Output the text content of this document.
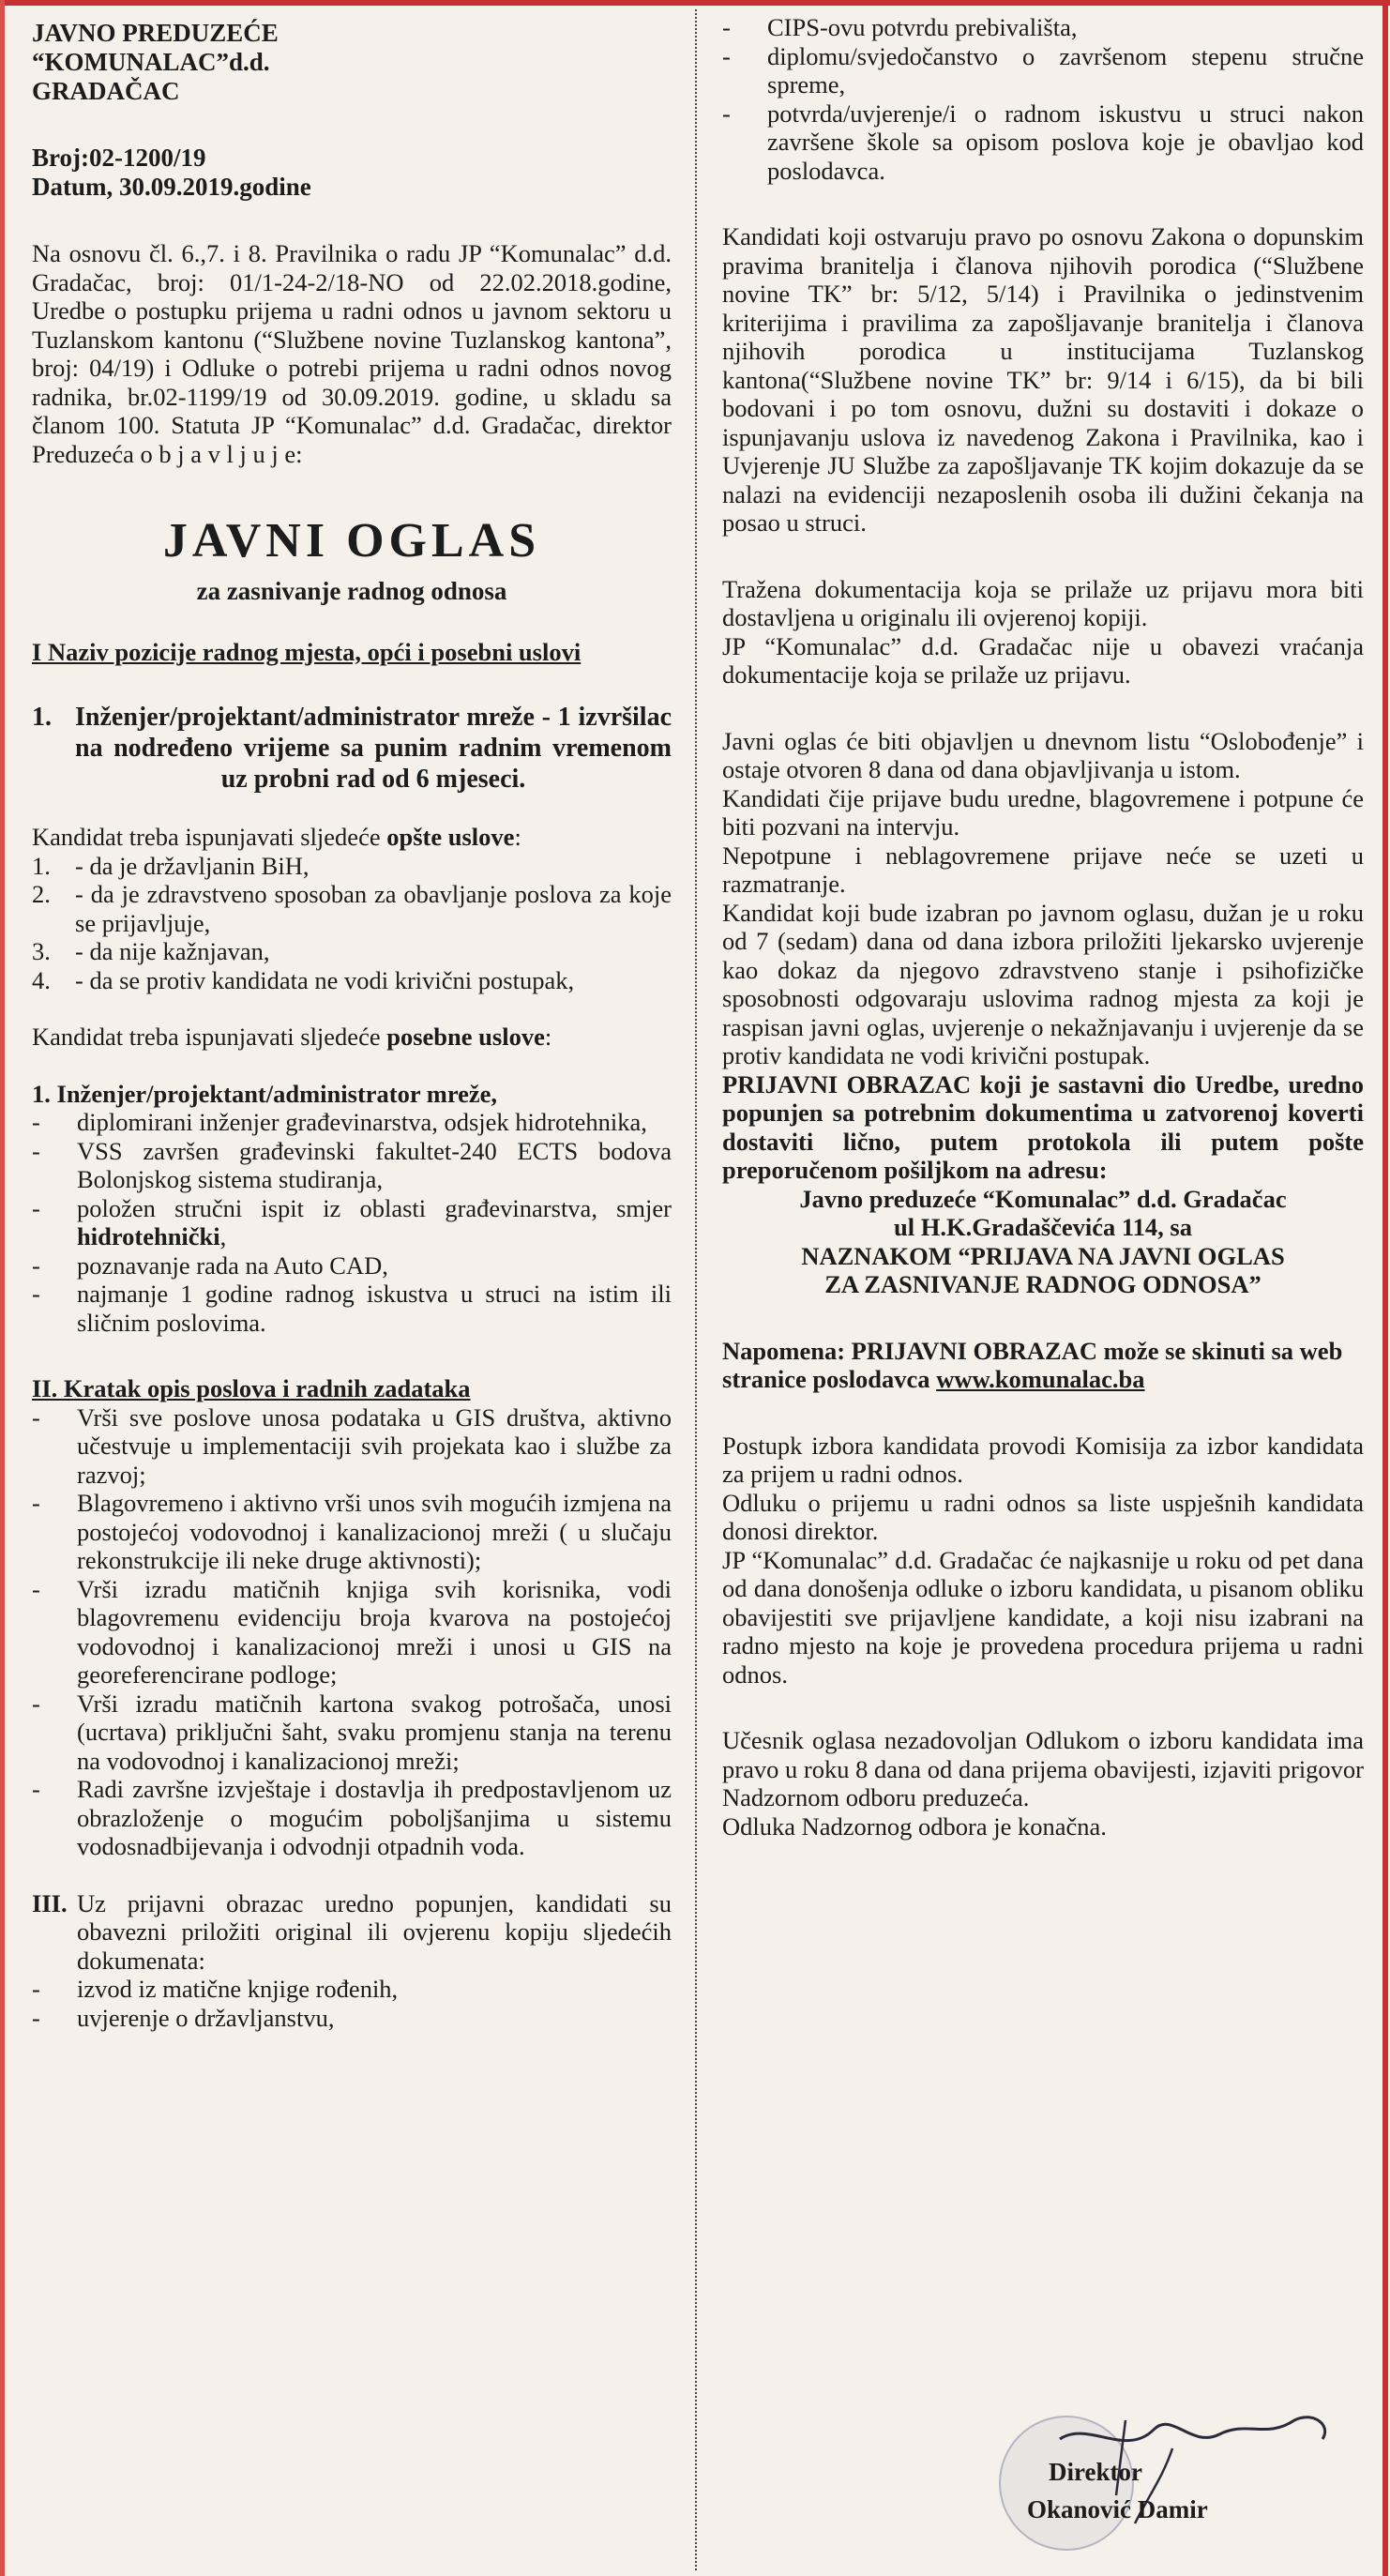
JAVNO PREDUZEĆE

“KOMUNALAC”d.d.

GRADAČAC

Broj:02-1200/19

Datum, 30.09.2019.godine

Na osnovu čl. 6.,7. i 8. Pravilnika o radu JP “Komunalac” d.d. Gradačac, broj: 01/1-24-2/18-NO od 22.02.2018.godine, Uredbe o postupku prijema u radni odnos u javnom sektoru u Tuzlanskom kantonu (“Službene novine Tuzlanskog kantona”, broj: 04/19) i Odluke o potrebi prijema u radni odnos novog radnika, br.02-1199/19 od 30.09.2019. godine, u skladu sa članom 100. Statuta JP “Komunalac” d.d. Gradačac, direktor Preduzeća o b j a v l j u j e:

JAVNI OGLAS

za zasnivanje radnog odnosa

I Naziv pozicije radnog mjesta, opći i posebni uslovi

1. Inženjer/projektant/administrator mreže - 1 izvršilac na nodređeno vrijeme sa punim radnim vremenom uz probni rad od 6 mjeseci.

Kandidat treba ispunjavati sljedeće opšte uslove:

1. - da je državljanin BiH,
2. - da je zdravstveno sposoban za obavljanje poslova za koje se prijavljuje,
3. - da nije kažnjavan,
4. - da se protiv kandidata ne vodi krivični postupak,

Kandidat treba ispunjavati sljedeće posebne uslove:

1. Inženjer/projektant/administrator mreže,

-	diplomirani inženjer građevinarstva, odsjek hidrotehnika,
-	VSS završen građevinski fakultet-240 ECTS bodova Bolonjskog sistema studiranja,
-	položen stručni ispit iz oblasti građevinarstva, smjer hidrotehnički,
-	poznavanje rada na Auto CAD,
-	najmanje 1 godine radnog iskustva u struci na istim ili sličnim poslovima.

II. Kratak opis poslova i radnih zadataka

-	Vrši sve poslove unosa podataka u GIS društva, aktivno učestvuje u implementaciji svih projekata kao i službe za razvoj;
-	Blagovremeno i aktivno vrši unos svih mogućih izmjena na postojećoj vodovodnoj i kanalizacionoj mreži ( u slučaju rekonstrukcije ili neke druge aktivnosti);
-	Vrši izradu matičnih knjiga svih korisnika, vodi blagovremenu evidenciju broja kvarova na postojećoj vodovodnoj i kanalizacionoj mreži i unosi u GIS na georeferencirane podloge;
-	Vrši izradu matičnih kartona svakog potrošača, unosi (ucrtava) priključni šaht, svaku promjenu stanja na terenu na vodovodnoj i kanalizacionoj mreži;
-	Radi završne izvještaje i dostavlja ih predpostavljenom uz obrazloženje o mogućim poboljšanjima u sistemu vodosnadbijevanja i odvodnji otpadnih voda.
III. Uz prijavni obrazac uredno popunjen, kandidati su obavezni priložiti original ili ovjerenu kopiju sljedećih dokumenata:
-	izvod iz matične knjige rođenih,
-	uvjerenje o državljanstvu,
-	CIPS-ovu potvrdu prebivališta,
-	diplomu/svjedočanstvo o završenom stepenu stručne spreme,
-	potvrda/uvjerenje/i o radnom iskustvu u struci nakon završene škole sa opisom poslova koje je obavljao kod poslodavca.

Kandidati koji ostvaruju pravo po osnovu Zakona o dopunskim pravima branitelja i članova njihovih porodica (“Službene novine TK” br: 5/12, 5/14) i Pravilnika o jedinstvenim kriterijima i pravilima za zapošljavanje branitelja i članova njihovih porodica u institucijama Tuzlanskog kantona(“Službene novine TK” br: 9/14 i 6/15), da bi bili bodovani i po tom osnovu, dužni su dostaviti i dokaze o ispunjavanju uslova iz navedenog Zakona i Pravilnika, kao i Uvjerenje JU Službe za zapošljavanje TK kojim dokazuje da se nalazi na evidenciji nezaposlenih osoba ili dužini čekanja na posao u struci.

Tražena dokumentacija koja se prilaže uz prijavu mora biti dostavljena u originalu ili ovjerenoj kopiji.

JP “Komunalac” d.d. Gradačac nije u obavezi vraćanja dokumentacije koja se prilaže uz prijavu.

Javni oglas će biti objavljen u dnevnom listu “Oslobođenje” i ostaje otvoren 8 dana od dana objavljivanja u istom.

Kandidati čije prijave budu uredne, blagovremene i potpune će biti pozvani na intervju.

Nepotpune i neblagovremene prijave neće se uzeti u razmatranje.

Kandidat koji bude izabran po javnom oglasu, dužan je u roku od 7 (sedam) dana od dana izbora priložiti ljekarsko uvjerenje kao dokaz da njegovo zdravstveno stanje i psihofizičke sposobnosti odgovaraju uslovima radnog mjesta za koji je raspisan javni oglas, uvjerenje o nekažnjavanju i uvjerenje da se protiv kandidata ne vodi krivični postupak.

PRIJAVNI OBRAZAC koji je sastavni dio Uredbe, uredno popunjen sa potrebnim dokumentima u zatvorenoj koverti dostaviti lično, putem protokola ili putem pošte preporučenom pošiljkom na adresu:

Javno preduzeće “Komunalac” d.d. Gradačac

ul H.K.Gradaščevića 114, sa

NAZNAKOM “PRIJAVA NA JAVNI OGLAS

ZA ZASNIVANJE RADNOG ODNOSA”

Napomena: PRIJAVNI OBRAZAC može se skinuti sa web stranice poslodavca www.komunalac.ba

Postupk izbora kandidata provodi Komisija za izbor kandidata za prijem u radni odnos.

Odluku o prijemu u radni odnos sa liste uspješnih kandidata donosi direktor.

JP “Komunalac” d.d. Gradačac će najkasnije u roku od pet dana od dana donošenja odluke o izboru kandidata, u pisanom obliku obavijestiti sve prijavljene kandidate, a koji nisu izabrani na radno mjesto na koje je provedena procedura prijema u radni odnos.

Učesnik oglasa nezadovoljan Odlukom o izboru kandidata ima pravo u roku 8 dana od dana prijema obavijesti, izjaviti prigovor Nadzornom odboru preduzeća.

Odluka Nadzornog odbora je konačna.

Direktor

Okanović Damir
